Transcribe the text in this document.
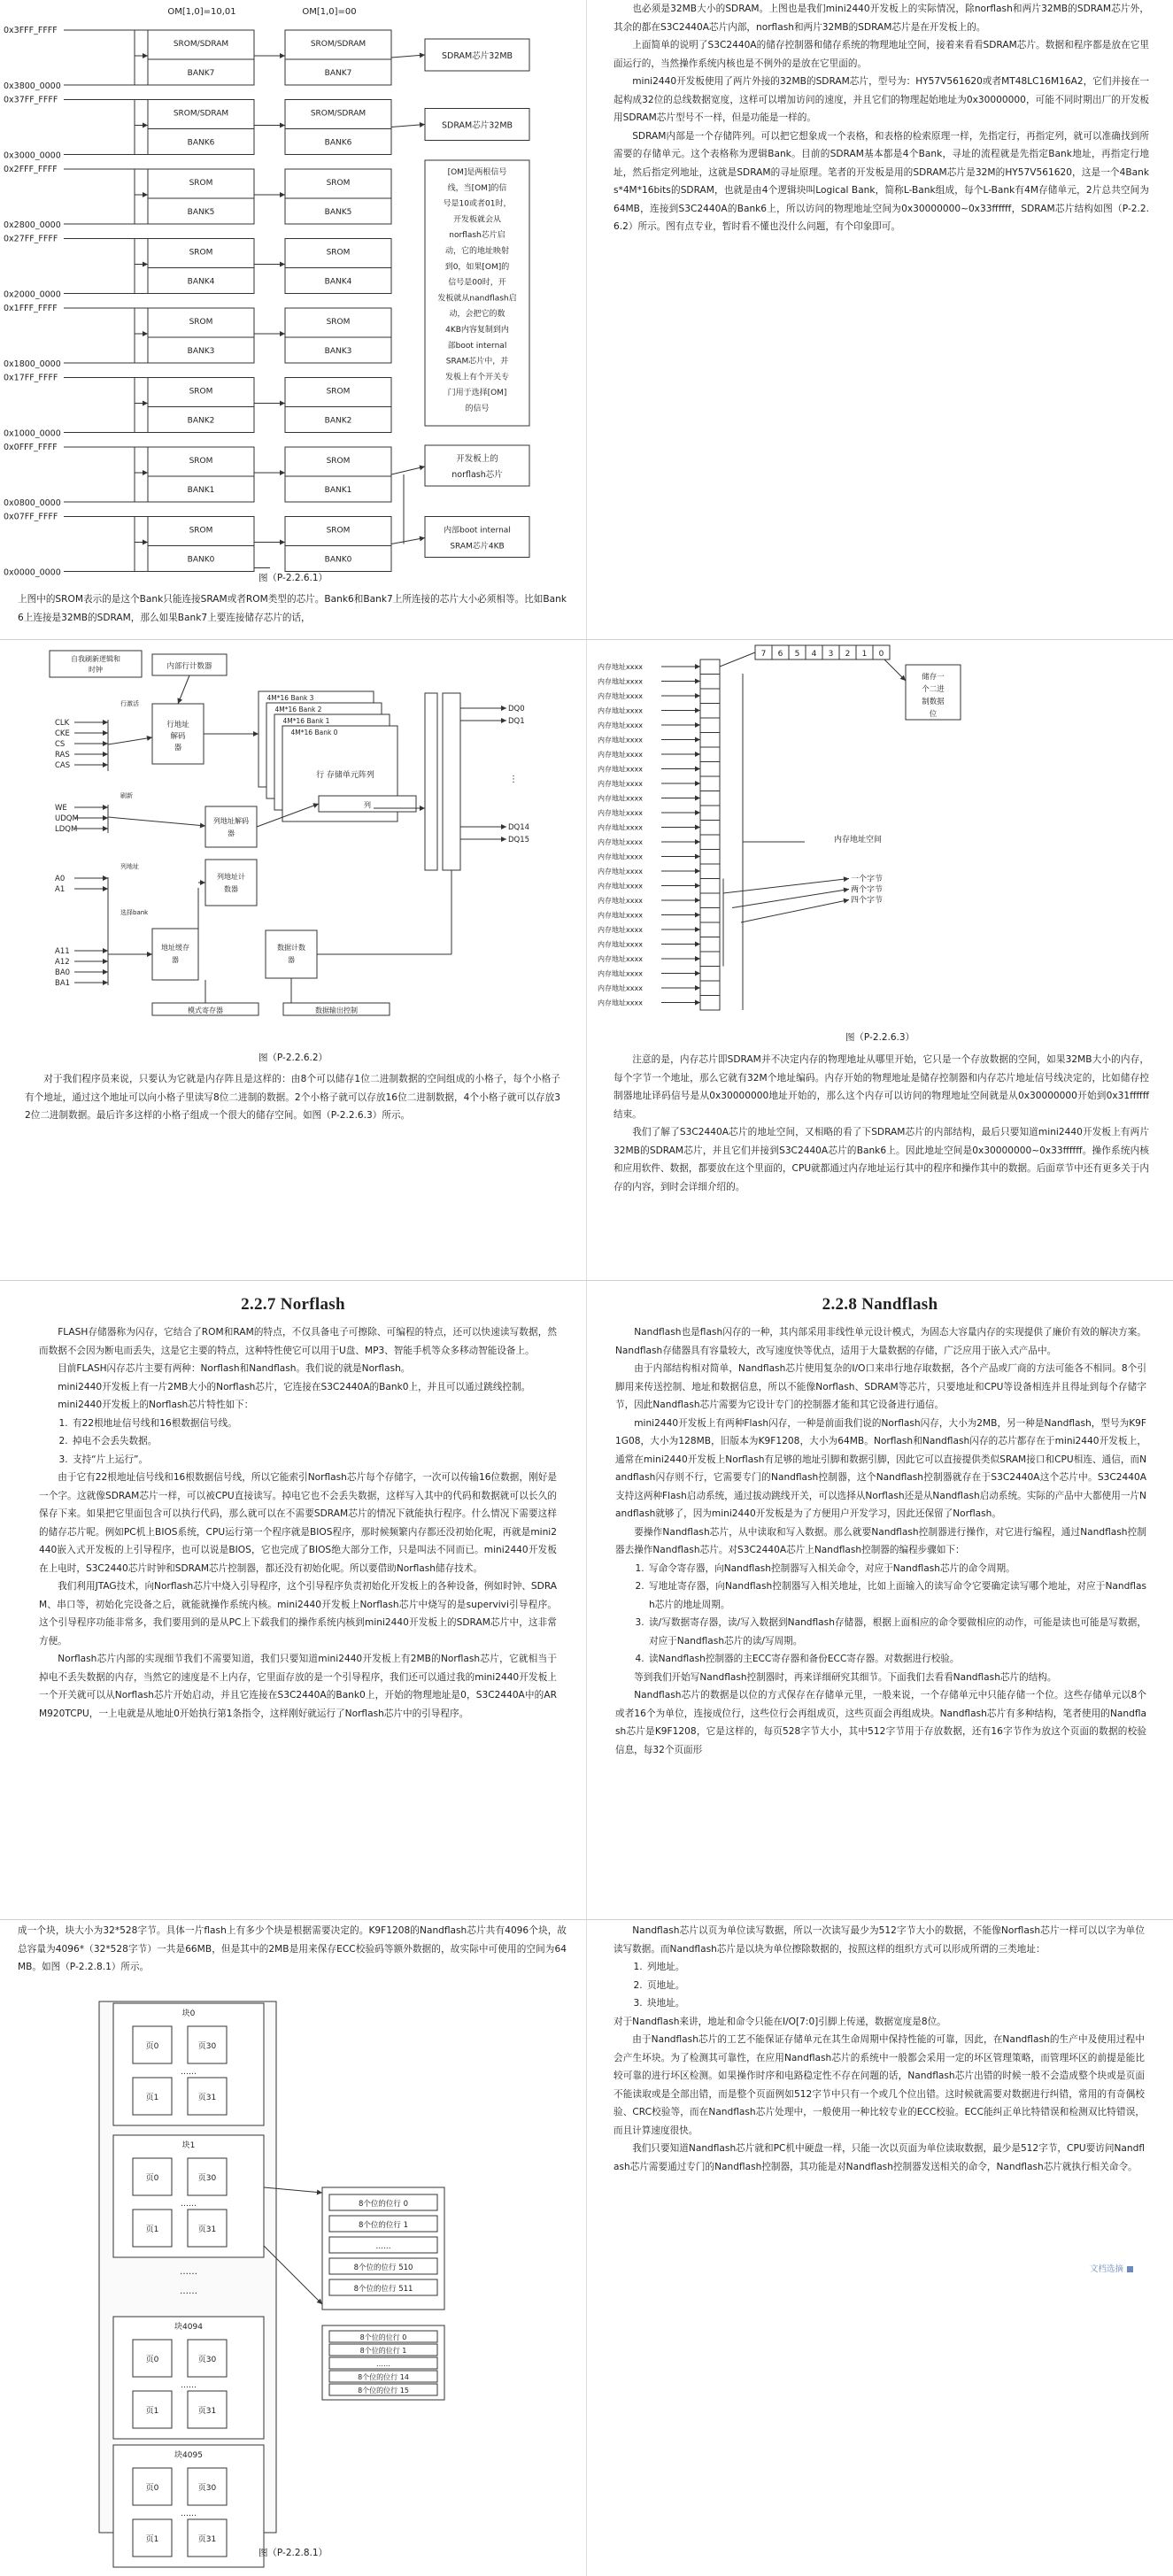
OM[1,0]=10,01	OM[1,0]=00
0x3FFF_FFFF
0x3800_0000
SROM/SDRAM
BANK7
SROM/SDRAM
BANK7
0x37FF_FFFF
0x3000_0000
SROM/SDRAM
BANK6
SROM/SDRAM
BANK6
0x2FFF_FFFF
0x2800_0000
SROM
BANK5
SROM
BANK5
0x27FF_FFFF
0x2000_0000
SROM
BANK4
SROM
BANK4
0x1FFF_FFFF
0x1800_0000
SROM
BANK3
SROM
BANK3
0x17FF_FFFF
0x1000_0000
SROM
BANK2
SROM
BANK2
0x0FFF_FFFF
0x0800_0000
SROM
BANK1
SROM
BANK1
0x07FF_FFFF
0x0000_0000
SROM
BANK0
SROM
BANK0
SDRAM芯片32MB
SDRAM芯片32MB
[OM]是两根信号
线，当[OM]的信
号是10或者01时，
开发板就会从
norflash芯片启
动，它的地址映射
到0，如果[OM]的
信号是00时，开
发板就从nandflash启
动，会把它的数
4KB内容复制到内
部boot internal
SRAM芯片中，并
发板上有个开关专
门用于选择[OM]
的信号
开发板上的
norflash芯片
内部boot internal
SRAM芯片4KB
图（P-2.2.6.1）

上图中的SROM表示的是这个Bank只能连接SRAM或者ROM类型的芯片。Bank6和Bank7上所连接的芯片大小必须相等。比如Bank6上连接是32MB的SDRAM，那么如果Bank7上要连接储存芯片的话，

也必须是32MB大小的SDRAM。上图也是我们mini2440开发板上的实际情况，除norflash和两片32MB的SDRAM芯片外，其余的都在S3C2440A芯片内部，norflash和两片32MB的SDRAM芯片是在开发板上的。

上面简单的说明了S3C2440A的储存控制器和储存系统的物理地址空间，接着来看看SDRAM芯片。数据和程序都是放在它里面运行的，当然操作系统内核也是不例外的是放在它里面的。

mini2440开发板使用了两片外接的32MB的SDRAM芯片，型号为：HY57V561620或者MT48LC16M16A2，它们并接在一起构成32位的总线数据宽度，这样可以增加访问的速度，并且它们的物理起始地址为0x30000000，可能不同时期出厂的开发板用SDRAM芯片型号不一样，但是功能是一样的。

SDRAM内部是一个存储阵列。可以把它想象成一个表格，和表格的检索原理一样，先指定行，再指定列，就可以准确找到所需要的存储单元。这个表格称为逻辑Bank。目前的SDRAM基本都是4个Bank，寻址的流程就是先指定Bank地址，再指定行地址，然后指定列地址，这就是SDRAM的寻址原理。笔者的开发板是用的SDRAM芯片是32M的HY57V561620，这是一个4Banks*4M*16bits的SDRAM，也就是由4个逻辑块叫Logical Bank，简称L-Bank组成，每个L-Bank有4M存储单元，2片总共空间为64MB，连接到S3C2440A的Bank6上，所以访问的物理地址空间为0x30000000~0x33ffffff，SDRAM芯片结构如图（P-2.2.6.2）所示。图有点专业，暂时看不懂也没什么问题，有个印象即可。

自我刷新逻辑和
时钟	内部行计数器
行地址
解码
器
4M*16 Bank 3
4M*16 Bank 2
4M*16 Bank 1
4M*16 Bank 0
行 存储单元阵列
列
列地址解码
器
列地址计
数器
地址缓存
器
数据计数
器
模式寄存器	数据输出控制
CLK
CKE
CS
RAS
CAS
WE
UDQM
LDQM
A0
A1
A11
A12
BA0
BA1
行激活
刷新
列地址
选择bank
DQ0
DQ1
DQ14
DQ15
⋮
图（P-2.2.6.2）

对于我们程序员来说，只要认为它就是内存阵且是这样的：由8个可以储存1位二进制数据的空间组成的小格子，每个小格子有个地址，通过这个地址可以向小格子里读写8位二进制的数据。2个小格子就可以存放16位二进制数据，4个小格子就可以存放32位二进制数据。最后许多这样的小格子组成一个很大的储存空间。如图（P-2.2.6.3）所示。

内存地址xxxx
内存地址xxxx
内存地址xxxx
内存地址xxxx
内存地址xxxx
内存地址xxxx
内存地址xxxx
内存地址xxxx
内存地址xxxx
内存地址xxxx
内存地址xxxx
内存地址xxxx
内存地址xxxx
内存地址xxxx
内存地址xxxx
内存地址xxxx
内存地址xxxx
内存地址xxxx
内存地址xxxx
内存地址xxxx
内存地址xxxx
内存地址xxxx
内存地址xxxx
内存地址xxxx
7 6 5 4 3 2 1 0
储存一
个二进
制数据
位
内存地址空间
一个字节
两个字节
四个字节
图（P-2.2.6.3）

注意的是，内存芯片即SDRAM并不决定内存的物理地址从哪里开始，它只是一个存放数据的空间，如果32MB大小的内存，每个字节一个地址，那么它就有32M个地址编码。内存开始的物理地址是储存控制器和内存芯片地址信号线决定的，比如储存控制器地址译码信号是从0x30000000地址开始的，那么这个内存可以访问的物理地址空间就是从0x30000000开始到0x31ffffff结束。

我们了解了S3C2440A芯片的地址空间，又相略的看了下SDRAM芯片的内部结构，最后只要知道mini2440开发板上有两片32MB的SDRAM芯片，并且它们并接到S3C2440A芯片的Bank6上。因此地址空间是0x30000000~0x33ffffff。操作系统内核和应用软件、数据，都要放在这个里面的，CPU就都通过内存地址运行其中的程序和操作其中的数据。后面章节中还有更多关于内存的内容，到时会详细介绍的。

2.2.7 Norflash

FLASH存储器称为闪存，它结合了ROM和RAM的特点，不仅具备电子可擦除、可编程的特点，还可以快速读写数据，然而数据不会因为断电而丢失，这是它主要的特点，这种特性使它可以用于U盘、MP3、智能手机等众多移动智能设备上。

目前FLASH闪存芯片主要有两种：Norflash和Nandflash。我们说的就是Norflash。

mini2440开发板上有一片2MB大小的Norflash芯片，它连接在S3C2440A的Bank0上，并且可以通过跳线控制。

mini2440开发板上的Norflash芯片特性如下：

1. 有22根地址信号线和16根数据信号线。
2. 掉电不会丢失数据。
3. 支持“片上运行”。

由于它有22根地址信号线和16根数据信号线，所以它能索引Norflash芯片每个存储字，一次可以传输16位数据，刚好是一个字。这就像SDRAM芯片一样，可以被CPU直接读写。掉电它也不会丢失数据，这样写入其中的代码和数据就可以长久的保存下来。如果把它里面包含可以执行代码，那么就可以在不需要SDRAM芯片的情况下就能执行程序。什么情况下需要这样的储存芯片呢。例如PC机上BIOS系统，CPU运行第一个程序就是BIOS程序，那时候频繁内存都还没初始化呢，再就是mini2440嵌入式开发板的上引导程序，也可以说是BIOS，它也完成了BIOS绝大部分工作，只是叫法不同而已。mini2440开发板在上电时，S3C2440芯片时钟和SDRAM芯片控制器，都还没有初始化呢。所以要借助Norflash储存技术。

我们利用JTAG技术，向Norflash芯片中烧入引导程序，这个引导程序负责初始化开发板上的各种设备，例如时钟、SDRAM、串口等，初始化完设备之后，就能就操作系统内核。mini2440开发板上Norflash芯片中烧写的是supervivi引导程序。这个引导程序功能非常多，我们要用到的是从PC上下载我们的操作系统内核到mini2440开发板上的SDRAM芯片中，这非常方便。

Norflash芯片内部的实现细节我们不需要知道，我们只要知道mini2440开发板上有2MB的Norflash芯片，它就相当于掉电不丢失数据的内存，当然它的速度是不上内存，它里面存放的是一个引导程序，我们还可以通过我的mini2440开发板上一个开关就可以从Norflash芯片开始启动，并且它连接在S3C2440A的Bank0上，开始的物理地址是0，S3C2440A中的ARM920TCPU，一上电就是从地址0开始执行第1条指令，这样刚好就运行了Norflash芯片中的引导程序。

2.2.8 Nandflash

Nandflash也是flash闪存的一种，其内部采用非线性单元设计模式，为固态大容量内存的实现提供了廉价有效的解决方案。Nandflash存储器具有容量较大，改写速度快等优点，适用于大量数据的存储，广泛应用于嵌入式产品中。

由于内部结构相对简单，Nandflash芯片使用复杂的I/O口来串行地存取数据，各个产品或厂商的方法可能各不相同。8个引脚用来传送控制、地址和数据信息，所以不能像Norflash、SDRAM等芯片，只要地址和CPU等设备相连并且得址到每个存储字节，因此Nandflash芯片需要为它设计专门的控制器才能和其它设备进行通信。

mini2440开发板上有两种Flash闪存，一种是前面我们说的Norflash闪存，大小为2MB，另一种是Nandflash，型号为K9F1G08，大小为128MB，旧版本为K9F1208，大小为64MB。Norflash和Nandflash闪存的芯片都存在于mini2440开发板上，通常在mini2440开发板上Norflash有足够的地址引脚和数据引脚，因此它可以直接提供类似SRAM接口和CPU相连、通信，而Nandflash闪存则不行，它需要专门的Nandflash控制器，这个Nandflash控制器就存在于S3C2440A这个芯片中。S3C2440A支持这两种Flash启动系统，通过拔动跳线开关，可以选择从Norflash还是从Nandflash启动系统。实际的产品中大都使用一片Nandflash就够了，因为mini2440开发板是为了方便用户开发学习，因此还保留了Norflash。

要操作Nandflash芯片，从中读取和写入数据。那么就要Nandflash控制器进行操作，对它进行编程，通过Nandflash控制器去操作Nandflash芯片。对S3C2440A芯片上Nandflash控制器的编程步骤如下：

1. 写命令寄存器，向Nandflash控制器写入相关命令，对应于Nandflash芯片的命令周期。
2. 写地址寄存器，向Nandflash控制器写入相关地址，比如上面输入的读写命令它要确定读写哪个地址，对应于Nandflash芯片的地址周期。
3. 读/写数据寄存器，读/写入数据到Nandflash存储器，根据上面相应的命令要做相应的动作，可能是读也可能是写数据，对应于Nandflash芯片的读/写周期。
4. 读Nandflash控制器的主ECC寄存器和备份ECC寄存器。对数据进行校验。

等到我们开始写Nandflash控制器时，再来详细研究其细节。下面我们去看看Nandflash芯片的结构。

Nandflash芯片的数据是以位的方式保存在存储单元里，一般来说，一个存储单元中只能存储一个位。这些存储单元以8个或者16个为单位，连接成位行，这些位行会再组成页，这些页面会再组成块。Nandflash芯片有多种结构，笔者使用的Nandflash芯片是K9F1208，它是这样的，每页528字节大小，其中512字节用于存放数据，还有16字节作为放这个页面的数据的校验信息，每32个页面形

成一个块，块大小为32*528字节。具体一片flash上有多少个块是根据需要决定的。K9F1208的Nandflash芯片共有4096个块，故总容量为4096*（32*528字节）一共是66MB，但是其中的2MB是用来保存ECC校验码等额外数据的，故实际中可使用的空间为64MB。如图（P-2.2.8.1）所示。

块0
页0	页30
页1	页31
……
块1
页0	页30
页1	页31
……
块4094
页0	页30
页1	页31
……
块4095
页0	页30
页1	页31
……
……
……
8个位的位行 0
8个位的位行 1
……
8个位的位行 510
8个位的位行 511
8个位的位行 0
8个位的位行 1
……
8个位的位行 14
8个位的位行 15
图（P-2.2.8.1）

Nandflash芯片以页为单位读写数据，所以一次读写最少为512字节大小的数据，不能像Norflash芯片一样可以以字为单位读写数据。而Nandflash芯片是以块为单位擦除数据的，按照这样的组织方式可以形成所谓的三类地址：

1. 列地址。
2. 页地址。
3. 块地址。

对于Nandflash来讲，地址和命令只能在I/O[7:0]引脚上传递，数据宽度是8位。

由于Nandflash芯片的工艺不能保证存储单元在其生命周期中保持性能的可靠，因此，在Nandflash的生产中及使用过程中会产生坏块。为了检测其可靠性，在应用Nandflash芯片的系统中一般都会采用一定的坏区管理策略，而管理坏区的前提是能比较可靠的进行坏区检测。如果操作时序和电路稳定性不存在问题的话，Nandflash芯片出错的时候一般不会造成整个块或是页面不能读取或是全部出错，而是整个页面例如512字节中只有一个或几个位出错。这时候就需要对数据进行纠错，常用的有奇偶校验、CRC校验等，而在Nandflash芯片处理中，一般使用一种比较专业的ECC校验。ECC能纠正单比特错误和检测双比特错误，而且计算速度很快。

我们只要知道Nandflash芯片就和PC机中硬盘一样，只能一次以页面为单位读取数据，最少是512字节，CPU要访问Nandflash芯片需要通过专门的Nandflash控制器，其功能是对Nandflash控制器发送相关的命令，Nandflash芯片就执行相关命令。

文档选摘
